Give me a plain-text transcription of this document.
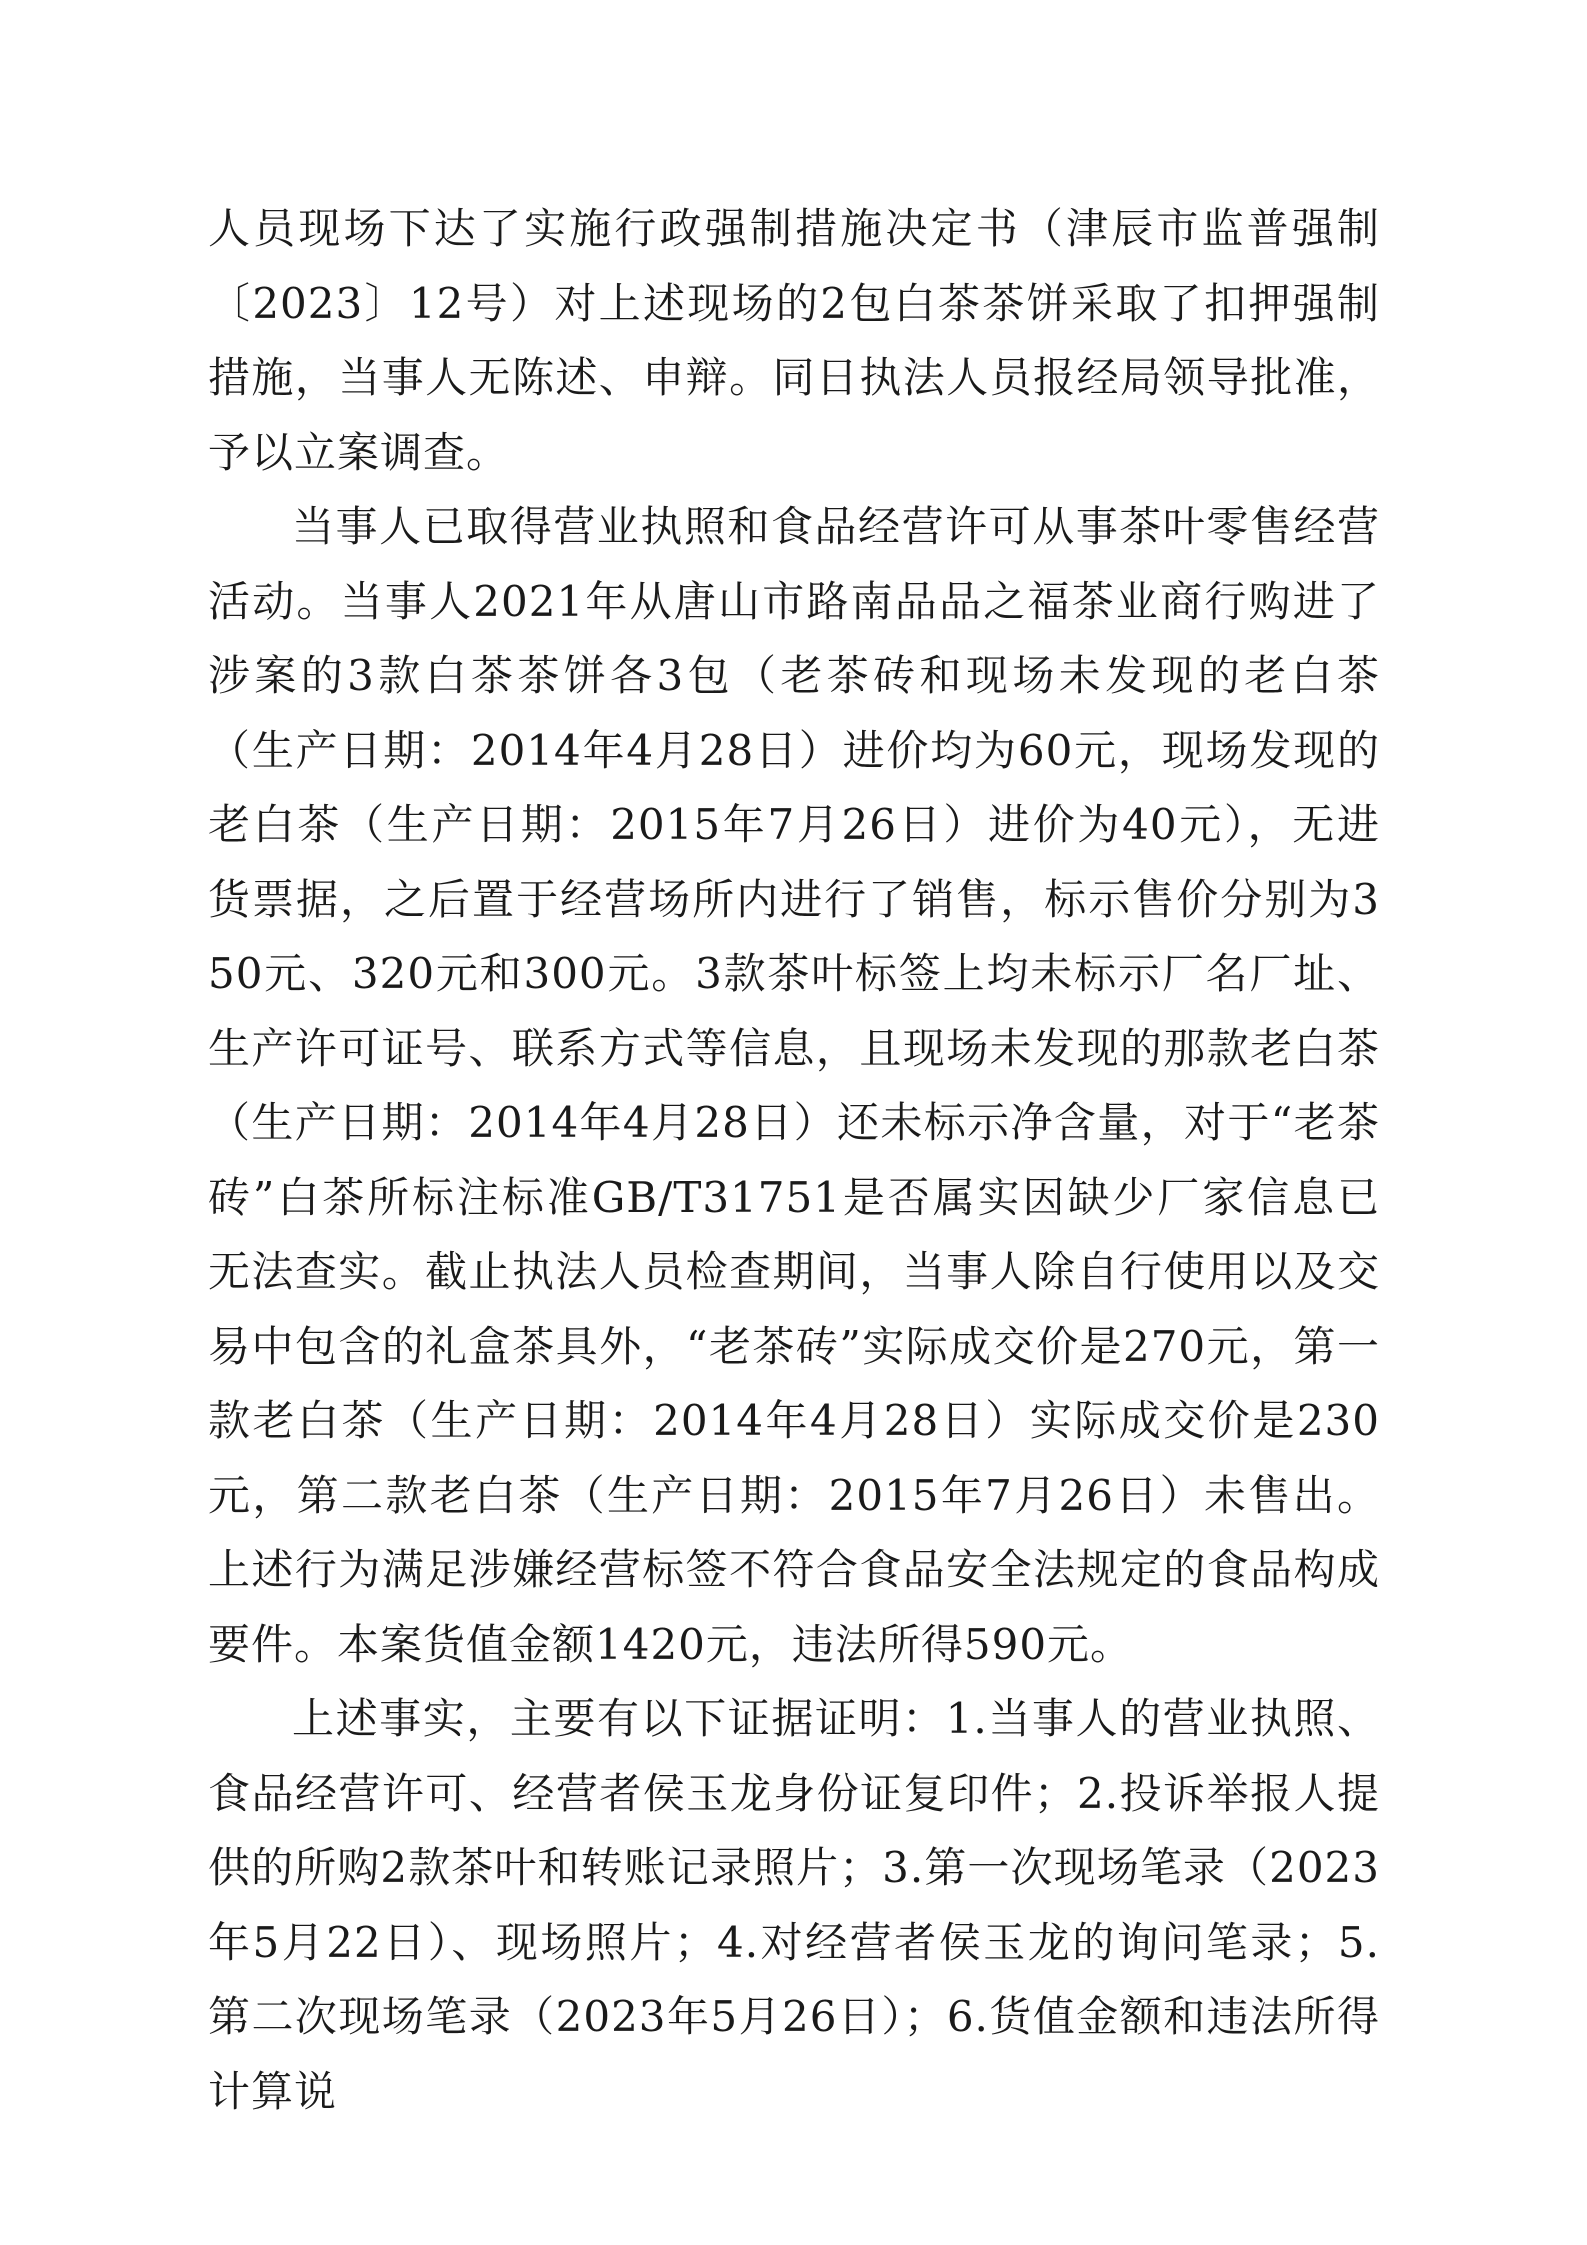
人员现场下达了实施行政强制措施决定书（津辰市监普强制〔2023〕12号）对上述现场的2包白茶茶饼采取了扣押强制措施，当事人无陈述、申辩。同日执法人员报经局领导批准，予以立案调查。

当事人已取得营业执照和食品经营许可从事茶叶零售经营活动。当事人2021年从唐山市路南品品之福茶业商行购进了涉案的3款白茶茶饼各3包（老茶砖和现场未发现的老白茶（生产日期：2014年4月28日）进价均为60元，现场发现的老白茶（生产日期：2015年7月26日）进价为40元），无进货票据，之后置于经营场所内进行了销售，标示售价分别为350元、320元和300元。3款茶叶标签上均未标示厂名厂址、生产许可证号、联系方式等信息，且现场未发现的那款老白茶（生产日期：2014年4月28日）还未标示净含量，对于“老茶砖”白茶所标注标准GB/T31751是否属实因缺少厂家信息已无法查实。截止执法人员检查期间，当事人除自行使用以及交易中包含的礼盒茶具外，“老茶砖”实际成交价是270元，第一款老白茶（生产日期：2014年4月28日）实际成交价是230元，第二款老白茶（生产日期：2015年7月26日）未售出。上述行为满足涉嫌经营标签不符合食品安全法规定的食品构成要件。本案货值金额1420元，违法所得590元。

上述事实，主要有以下证据证明：1.当事人的营业执照、食品经营许可、经营者侯玉龙身份证复印件；2.投诉举报人提供的所购2款茶叶和转账记录照片；3.第一次现场笔录（2023年5月22日）、现场照片；4.对经营者侯玉龙的询问笔录；5.第二次现场笔录（2023年5月26日）；6.货值金额和违法所得计算说
